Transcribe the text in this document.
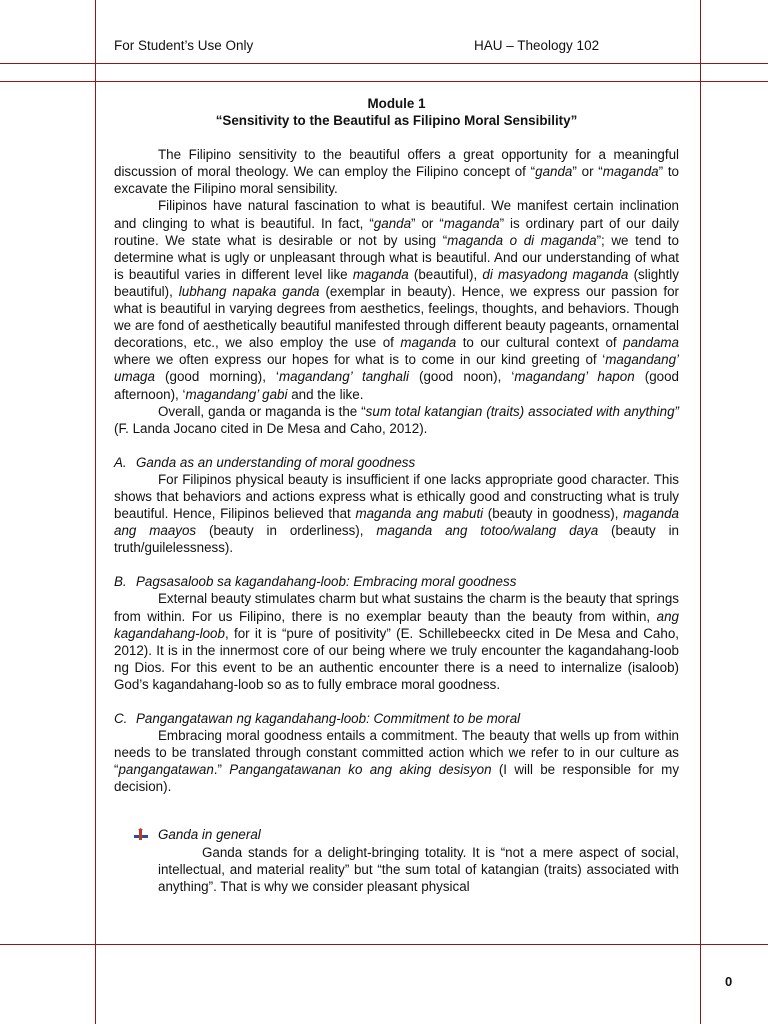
For Student’s Use Only	HAU – Theology 102
Module 1
“Sensitivity to the Beautiful as Filipino Moral Sensibility”

The Filipino sensitivity to the beautiful offers a great opportunity for a meaningful discussion of moral theology. We can employ the Filipino concept of “ganda” or “maganda” to excavate the Filipino moral sensibility.

Filipinos have natural fascination to what is beautiful. We manifest certain inclination and clinging to what is beautiful. In fact, “ganda” or “maganda” is ordinary part of our daily routine. We state what is desirable or not by using “maganda o di maganda”; we tend to determine what is ugly or unpleasant through what is beautiful. And our understanding of what is beautiful varies in different level like maganda (beautiful), di masyadong maganda (slightly beautiful), lubhang napaka ganda (exemplar in beauty). Hence, we express our passion for what is beautiful in varying degrees from aesthetics, feelings, thoughts, and behaviors. Though we are fond of aesthetically beautiful manifested through different beauty pageants, ornamental decorations, etc., we also employ the use of maganda to our cultural context of pandama where we often express our hopes for what is to come in our kind greeting of ‘magandang’ umaga (good morning), ‘magandang’ tanghali (good noon), ‘magandang’ hapon (good afternoon), ‘magandang’ gabi and the like.

Overall, ganda or maganda is the “sum total katangian (traits) associated with anything” (F. Landa Jocano cited in De Mesa and Caho, 2012).

A. Ganda as an understanding of moral goodness

For Filipinos physical beauty is insufficient if one lacks appropriate good character. This shows that behaviors and actions express what is ethically good and constructing what is truly beautiful. Hence, Filipinos believed that maganda ang mabuti (beauty in goodness), maganda ang maayos (beauty in orderliness), maganda ang totoo/walang daya (beauty in truth/guilelessness).

B. Pagsasaloob sa kagandahang-loob: Embracing moral goodness

External beauty stimulates charm but what sustains the charm is the beauty that springs from within. For us Filipino, there is no exemplar beauty than the beauty from within, ang kagandahang-loob, for it is “pure of positivity” (E. Schillebeeckx cited in De Mesa and Caho, 2012). It is in the innermost core of our being where we truly encounter the kagandahang-loob ng Dios. For this event to be an authentic encounter there is a need to internalize (isaloob) God’s kagandahang-loob so as to fully embrace moral goodness.

C. Pangangatawan ng kagandahang-loob: Commitment to be moral

Embracing moral goodness entails a commitment. The beauty that wells up from within needs to be translated through constant committed action which we refer to in our culture as “pangangatawan.” Pangangatawanan ko ang aking desisyon (I will be responsible for my decision).

Ganda in general

Ganda stands for a delight-bringing totality. It is “not a mere aspect of social, intellectual, and material reality” but “the sum total of katangian (traits) associated with anything”. That is why we consider pleasant physical

0
